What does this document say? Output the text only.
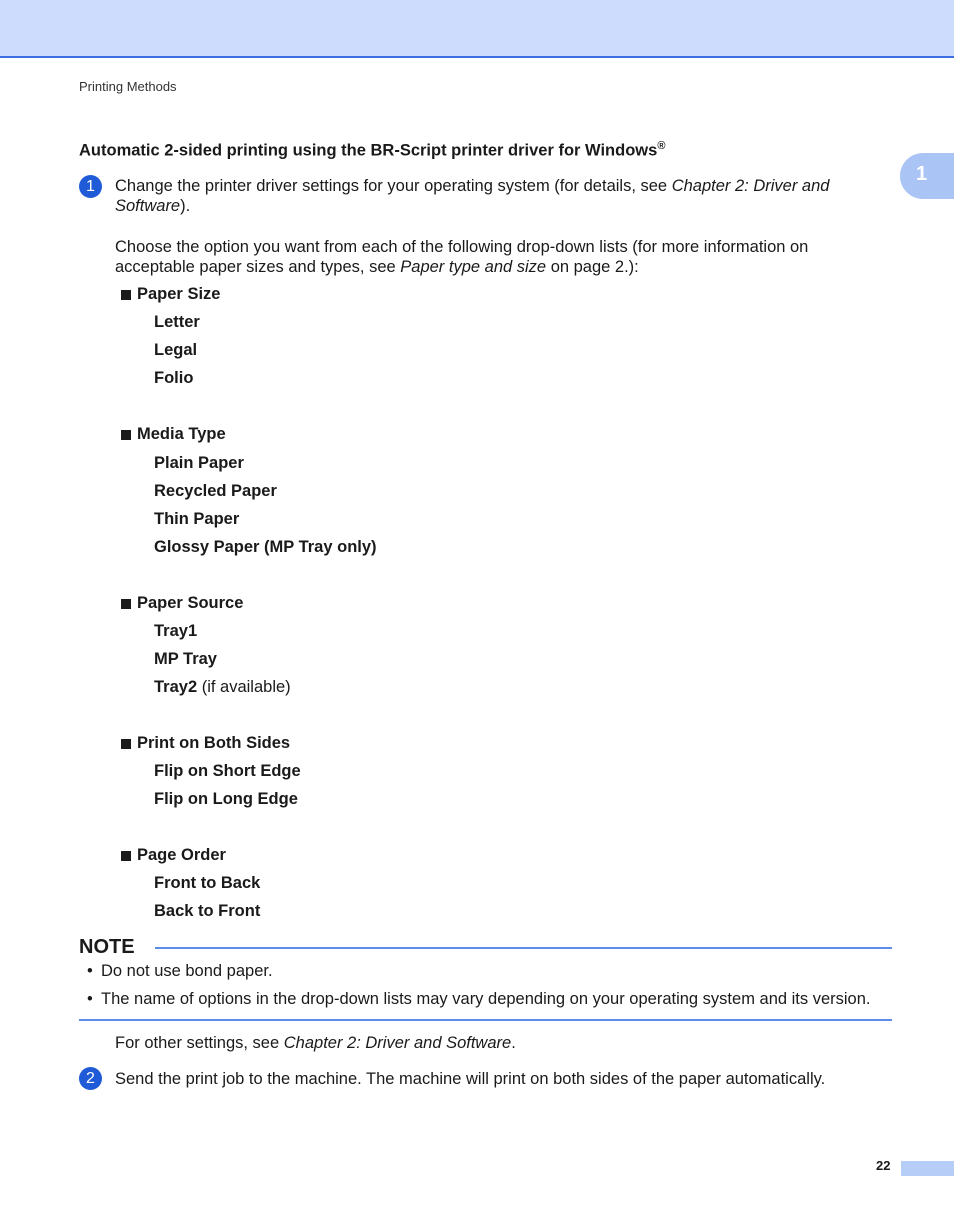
Printing Methods
1
Automatic 2-sided printing using the BR-Script printer driver for Windows®
1	Change the printer driver settings for your operating system (for details, see Chapter 2: Driver and Software).
Choose the option you want from each of the following drop-down lists (for more information on acceptable paper sizes and types, see Paper type and size on page 2.):
Paper Size
Letter
Legal
Folio
Media Type
Plain Paper
Recycled Paper
Thin Paper
Glossy Paper (MP Tray only)
Paper Source
Tray1
MP Tray
Tray2 (if available)
Print on Both Sides
Flip on Short Edge
Flip on Long Edge
Page Order
Front to Back
Back to Front
NOTE
• Do not use bond paper.
• The name of options in the drop-down lists may vary depending on your operating system and its version.
For other settings, see Chapter 2: Driver and Software.
2	Send the print job to the machine. The machine will print on both sides of the paper automatically.
22
